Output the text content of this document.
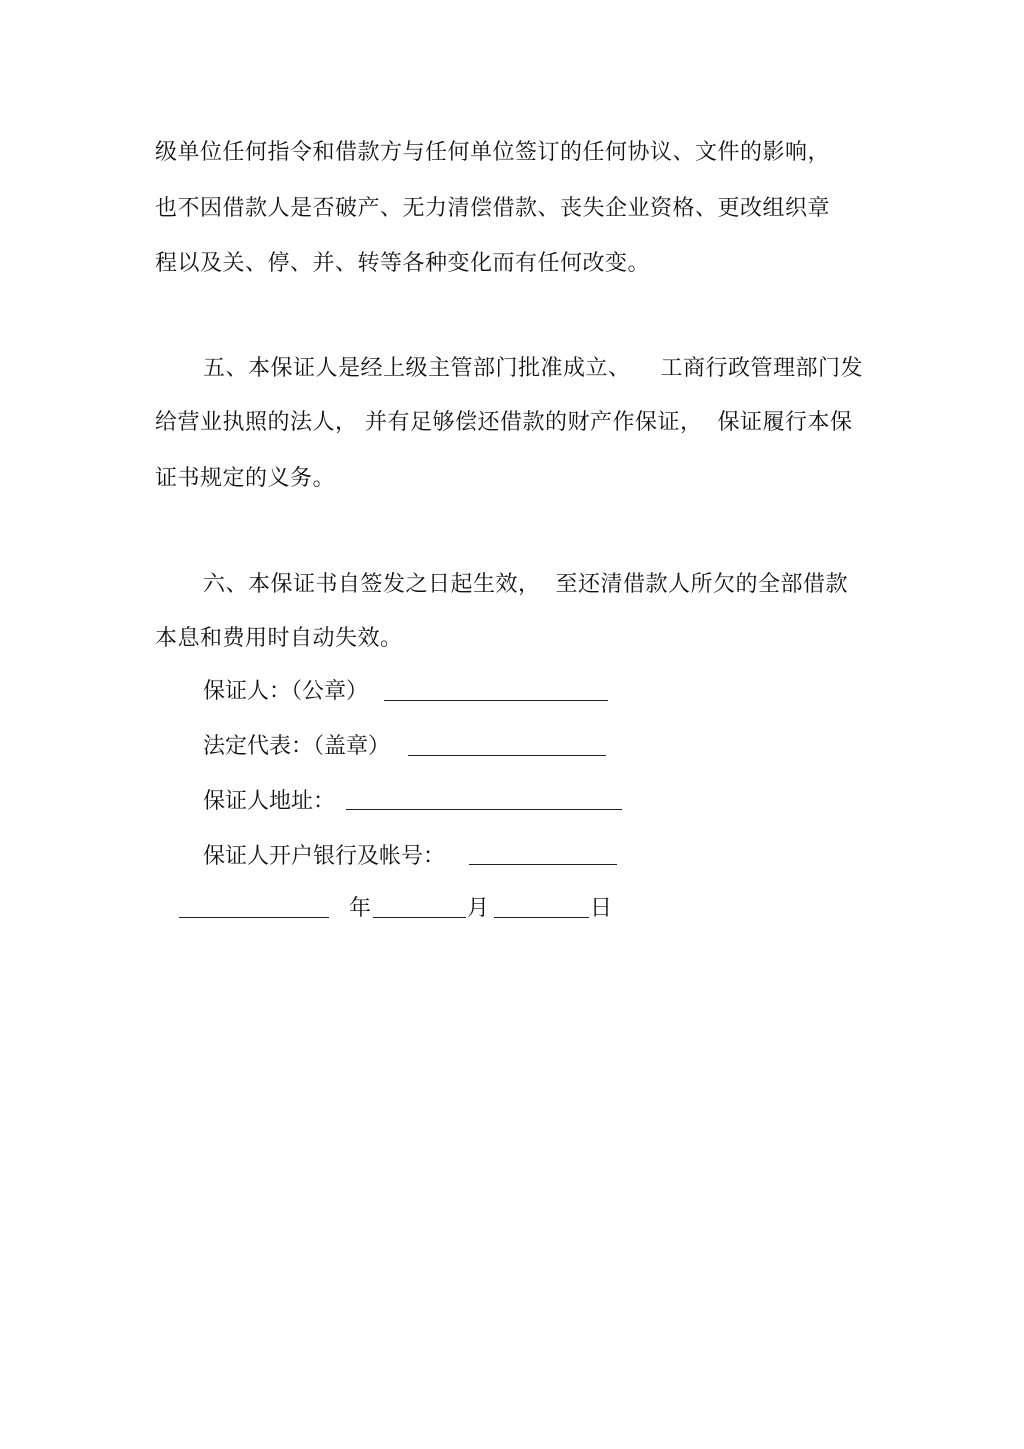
级单位任何指令和借款方与任何单位签订的任何协议、文件的影响，
也不因借款人是否破产、无力清偿借款、丧失企业资格、更改组织章
程以及关、停、并、转等各种变化而有任何改变。
五、本保证人是经上级主管部门批准成立、    工商行政管理部门发
给营业执照的法人， 并有足够偿还借款的财产作保证，  保证履行本保
证书规定的义务。
六、本保证书自签发之日起生效，  至还清借款人所欠的全部借款
本息和费用时自动失效。
保证人：（公章）
法定代表：（盖章）
保证人地址：
保证人开户银行及帐号：
年	月	日
